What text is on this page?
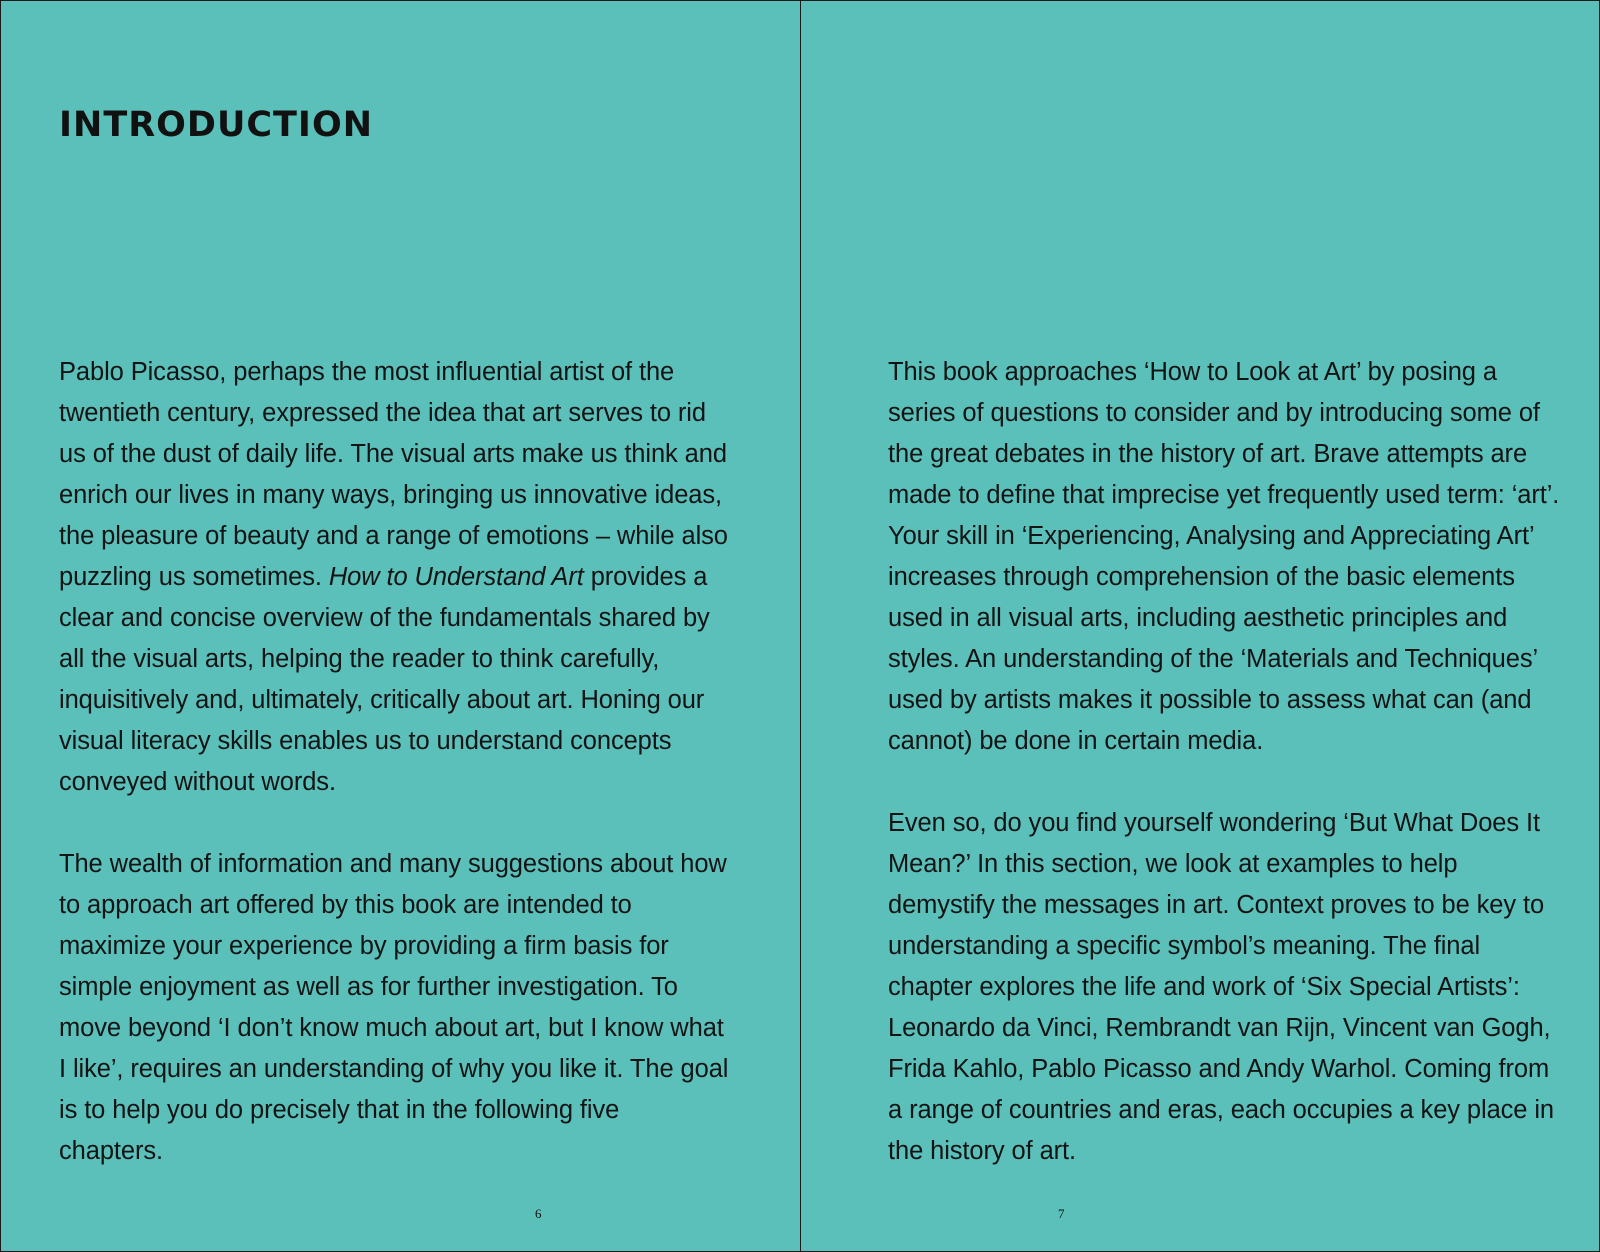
INTRODUCTION

Pablo Picasso, perhaps the most influential artist of the twentieth century, expressed the idea that art serves to rid us of the dust of daily life. The visual arts make us think and enrich our lives in many ways, bringing us innovative ideas, the pleasure of beauty and a range of emotions – while also puzzling us sometimes. How to Understand Art provides a clear and concise overview of the fundamentals shared by all the visual arts, helping the reader to think carefully, inquisitively and, ultimately, critically about art. Honing our visual literacy skills enables us to understand concepts conveyed without words.

The wealth of information and many suggestions about how to approach art offered by this book are intended to maximize your experience by providing a firm basis for simple enjoyment as well as for further investigation. To move beyond ‘I don’t know much about art, but I know what I like’, requires an understanding of why you like it. The goal is to help you do precisely that in the following five chapters.

6

This book approaches ‘How to Look at Art’ by posing a series of questions to consider and by introducing some of the great debates in the history of art. Brave attempts are made to define that imprecise yet frequently used term: ‘art’. Your skill in ‘Experiencing, Analysing and Appreciating Art’ increases through comprehension of the basic elements used in all visual arts, including aesthetic principles and styles. An understanding of the ‘Materials and Techniques’ used by artists makes it possible to assess what can (and cannot) be done in certain media.

Even so, do you find yourself wondering ‘But What Does It Mean?’ In this section, we look at examples to help demystify the messages in art. Context proves to be key to understanding a specific symbol’s meaning. The final chapter explores the life and work of ‘Six Special Artists’: Leonardo da Vinci, Rembrandt van Rijn, Vincent van Gogh, Frida Kahlo, Pablo Picasso and Andy Warhol. Coming from a range of countries and eras, each occupies a key place in the history of art.

7
